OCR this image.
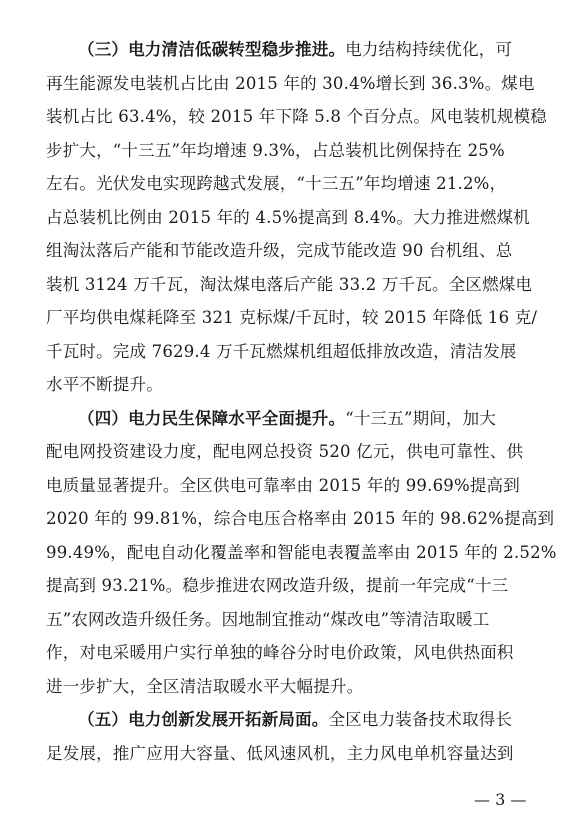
（三）电力清洁低碳转型稳步推进。电力结构持续优化，可
再生能源发电装机占比由 2015 年的 30.4%增长到 36.3%。煤电
装机占比 63.4%，较 2015 年下降 5.8 个百分点。风电装机规模稳
步扩大，“十三五”年均增速 9.3%，占总装机比例保持在 25%
左右。光伏发电实现跨越式发展，“十三五”年均增速 21.2%，
占总装机比例由 2015 年的 4.5%提高到 8.4%。大力推进燃煤机
组淘汰落后产能和节能改造升级，完成节能改造 90 台机组、总
装机 3124 万千瓦，淘汰煤电落后产能 33.2 万千瓦。全区燃煤电
厂平均供电煤耗降至 321 克标煤/千瓦时，较 2015 年降低 16 克/
千瓦时。完成 7629.4 万千瓦燃煤机组超低排放改造，清洁发展
水平不断提升。
（四）电力民生保障水平全面提升。“十三五”期间，加大
配电网投资建设力度，配电网总投资 520 亿元，供电可靠性、供
电质量显著提升。全区供电可靠率由 2015 年的 99.69%提高到
2020 年的 99.81%，综合电压合格率由 2015 年的 98.62%提高到
99.49%，配电自动化覆盖率和智能电表覆盖率由 2015 年的 2.52%
提高到 93.21%。稳步推进农网改造升级，提前一年完成“十三
五”农网改造升级任务。因地制宜推动“煤改电”等清洁取暖工
作，对电采暖用户实行单独的峰谷分时电价政策，风电供热面积
进一步扩大，全区清洁取暖水平大幅提升。
（五）电力创新发展开拓新局面。全区电力装备技术取得长
足发展，推广应用大容量、低风速风机，主力风电单机容量达到
— 3 —
